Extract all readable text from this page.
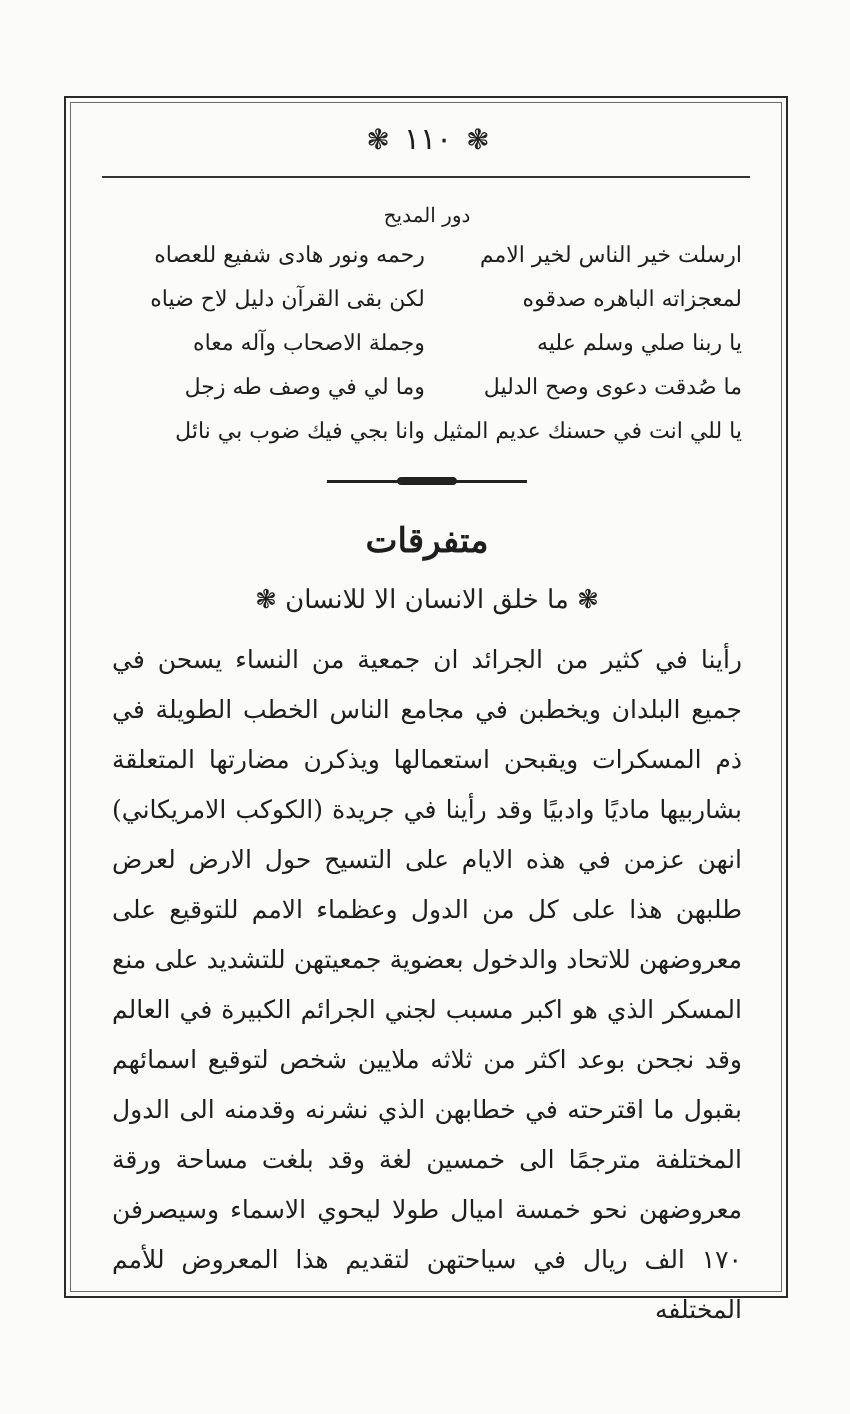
❃
١١٠
❃
دور المديح
ارسلت خير الناس لخير الامم	رحمه ونور هادى شفيع للعصاه
لمعجزاته الباهره صدقوه	لكن بقى القرآن دليل لاح ضياه
يا ربنا صلي وسلم عليه	وجملة الاصحاب وآله معاه
ما صُدقت دعوى وصح الدليل	وما لي في وصف طه زجل
يا للي انت في حسنك عديم المثيل	وانا بجي فيك ضوب بي نائل
متفرقات
❃ ما خلق الانسان الا للانسان ❃

رأينا في كثير من الجرائد ان جمعية من النساء يسحن في جميع البلدان ويخطبن في مجامع الناس الخطب الطويلة في ذم المسكرات ويقبحن استعمالها ويذكرن مضارتها المتعلقة بشاربيها ماديًا وادبيًا وقد رأينا في جريدة (الكوكب الامريكاني) انهن عزمن في هذه الايام على التسيح حول الارض لعرض طلبهن هذا على كل من الدول وعظماء الامم للتوقيع على معروضهن للاتحاد والدخول بعضوية جمعيتهن للتشديد على منع المسكر الذي هو اكبر مسبب لجني الجرائم الكبيرة في العالم وقد نجحن بوعد اكثر من ثلاثه ملايين شخص لتوقيع اسمائهم بقبول ما اقترحته في خطابهن الذي نشرنه وقدمنه الى الدول المختلفة مترجمًا الى خمسين لغة وقد بلغت مساحة ورقة معروضهن نحو خمسة اميال طولا ليحوي الاسماء وسيصرفن ١٧٠ الف ريال في سياحتهن لتقديم هذا المعروض للأمم المختلفه
